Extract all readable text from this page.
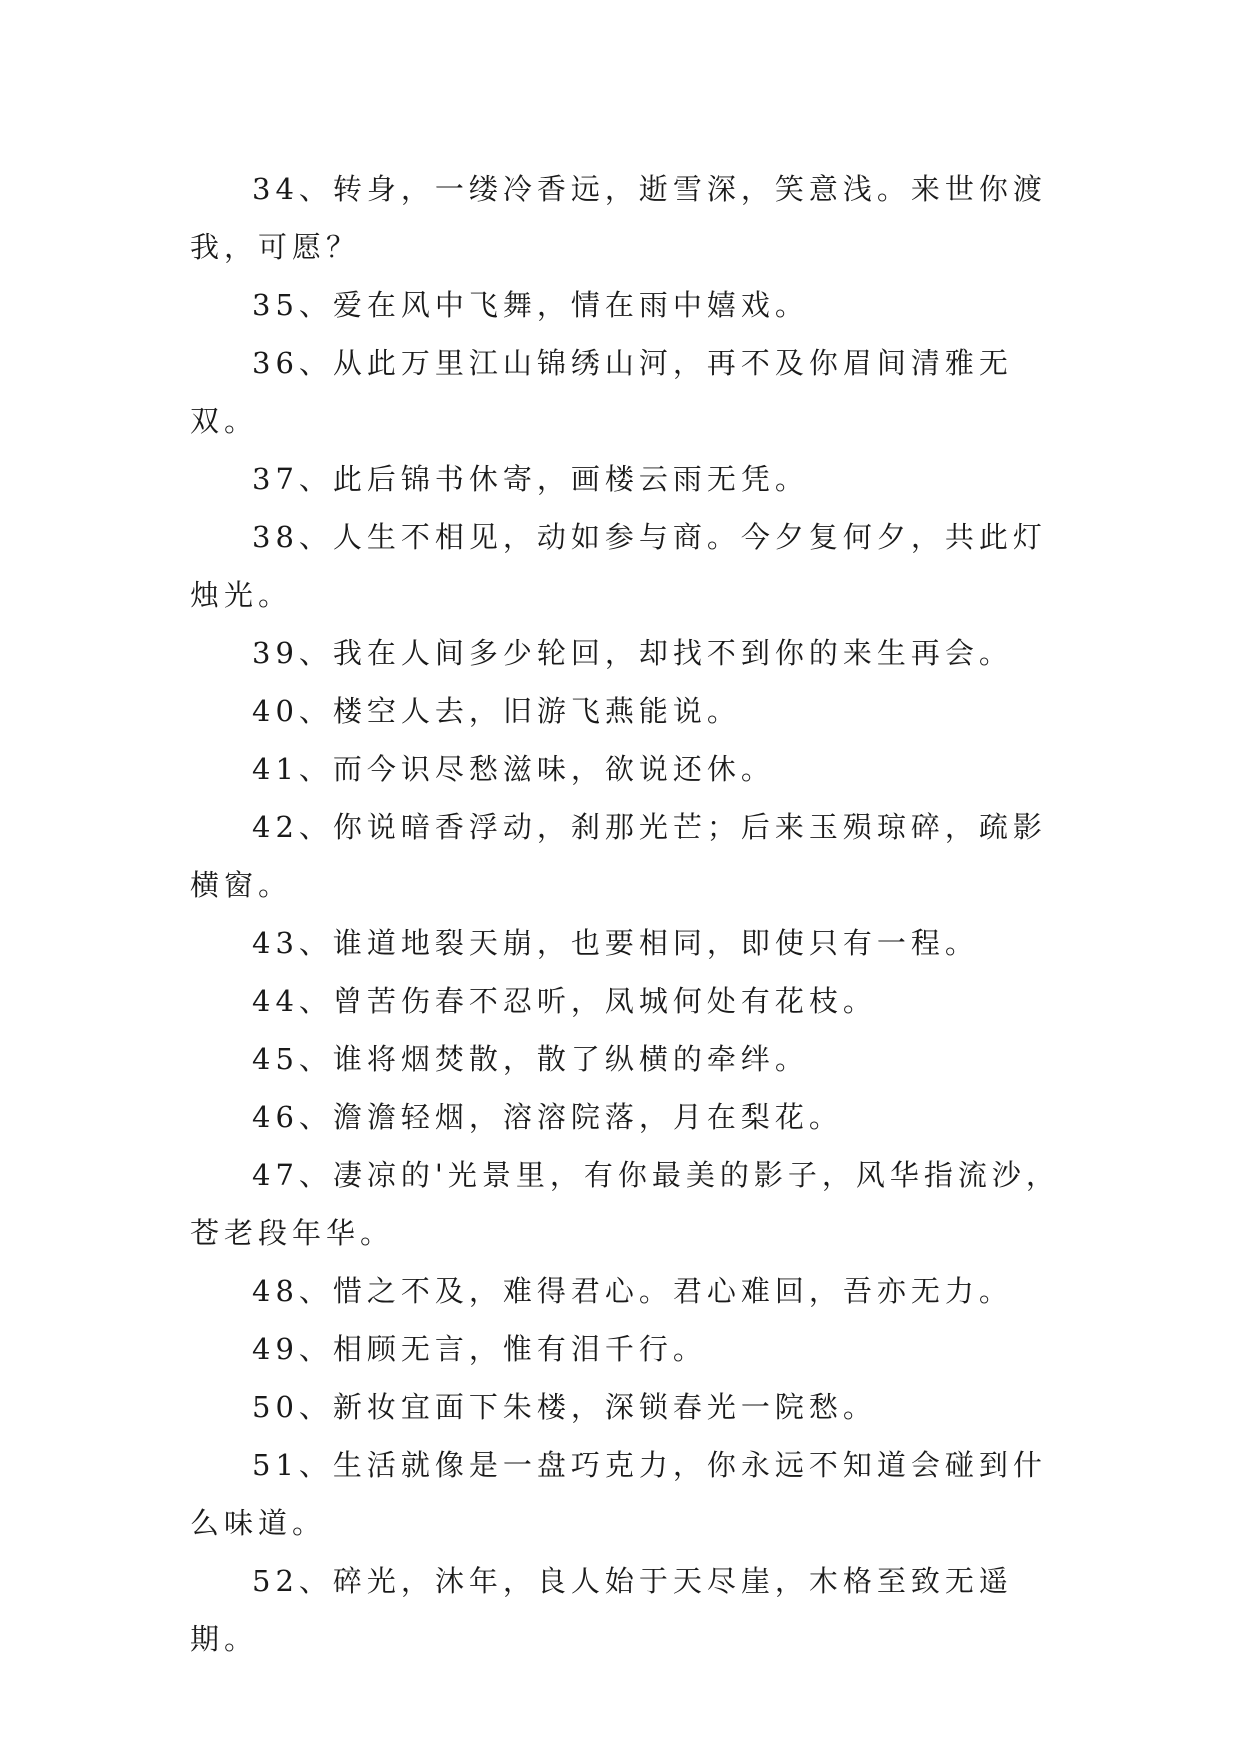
34、转身，一缕冷香远，逝雪深，笑意浅。来世你渡我，可愿？

35、爱在风中飞舞，情在雨中嬉戏。

36、从此万里江山锦绣山河，再不及你眉间清雅无双。

37、此后锦书休寄，画楼云雨无凭。

38、人生不相见，动如参与商。今夕复何夕，共此灯烛光。

39、我在人间多少轮回，却找不到你的来生再会。

40、楼空人去，旧游飞燕能说。

41、而今识尽愁滋味，欲说还休。

42、你说暗香浮动，刹那光芒；后来玉殒琼碎，疏影横窗。

43、谁道地裂天崩，也要相同，即使只有一程。

44、曾苦伤春不忍听，凤城何处有花枝。

45、谁将烟焚散，散了纵横的牵绊。

46、澹澹轻烟，溶溶院落，月在梨花。

47、凄凉的'光景里，有你最美的影子，风华指流沙，苍老段年华。

48、惜之不及，难得君心。君心难回，吾亦无力。

49、相顾无言，惟有泪千行。

50、新妆宜面下朱楼，深锁春光一院愁。

51、生活就像是一盘巧克力，你永远不知道会碰到什么味道。

52、碎光，沐年，良人始于天尽崖，木格至致无遥期。
